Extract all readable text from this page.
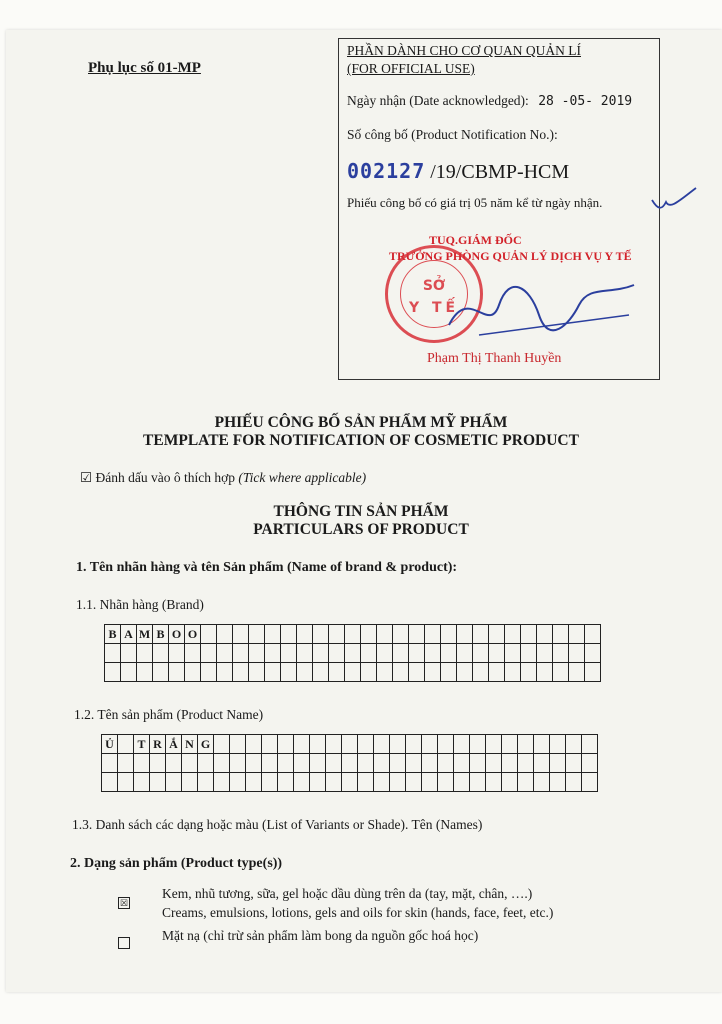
Phụ lục số 01-MP
PHẦN DÀNH CHO CƠ QUAN QUẢN LÍ
(FOR OFFICIAL USE)
Ngày nhận (Date acknowledged): 28 -05- 2019
Số công bố (Product Notification No.):
002127 /19/CBMP-HCM
Phiếu công bố có giá trị 05 năm kể từ ngày nhận.
TUQ.GIÁM ĐỐC
TRƯỞNG PHÒNG QUẢN LÝ DỊCH VỤ Y TẾ
SỞ
Y TẾ
Phạm Thị Thanh Huyền
PHIẾU CÔNG BỐ SẢN PHẨM MỸ PHẨM
TEMPLATE FOR NOTIFICATION OF COSMETIC PRODUCT
☑ Đánh dấu vào ô thích hợp (Tick where applicable)
THÔNG TIN SẢN PHẨM
PARTICULARS OF PRODUCT
1. Tên nhãn hàng và tên Sản phẩm (Name of brand & product):
1.1. Nhãn hàng (Brand)
B	A	M	B	O	O																									

1.2. Tên sản phẩm (Product Name)
Ủ		T	R	Ắ	N	G																								

1.3. Danh sách các dạng hoặc màu (List of Variants or Shade). Tên (Names)
2. Dạng sản phẩm (Product type(s))
☒
Kem, nhũ tương, sữa, gel hoặc dầu dùng trên da (tay, mặt, chân, ….)
Creams, emulsions, lotions, gels and oils for skin (hands, face, feet, etc.)
Mặt nạ (chỉ trừ sản phẩm làm bong da nguồn gốc hoá học)
